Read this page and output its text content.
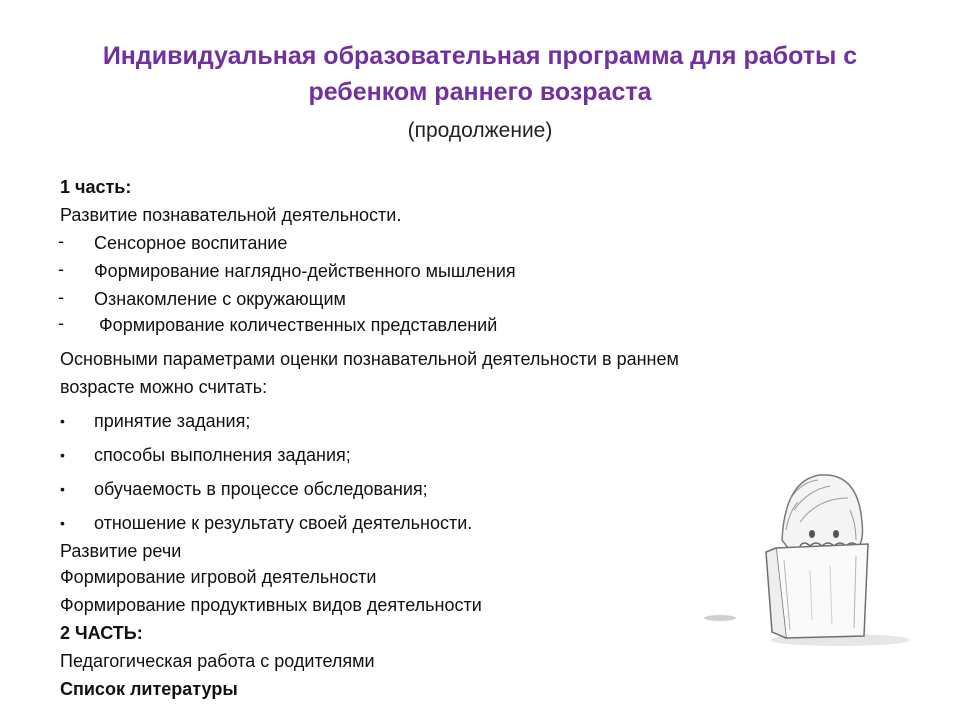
Индивидуальная образовательная программа для работы с
ребенком раннего возраста
(продолжение)
1 часть:
Развитие познавательной деятельности.
- Сенсорное воспитание
- Формирование наглядно-действенного мышления
- Ознакомление с окружающим
- Формирование количественных представлений
Основными параметрами оценки познавательной деятельности в раннем
возрасте можно считать:
• принятие задания;
• способы выполнения задания;
• обучаемость в процессе обследования;
• отношение к результату своей деятельности.
Развитие речи
Формирование игровой деятельности
Формирование продуктивных видов деятельности
2 ЧАСТЬ:
Педагогическая работа с родителями
Список литературы
